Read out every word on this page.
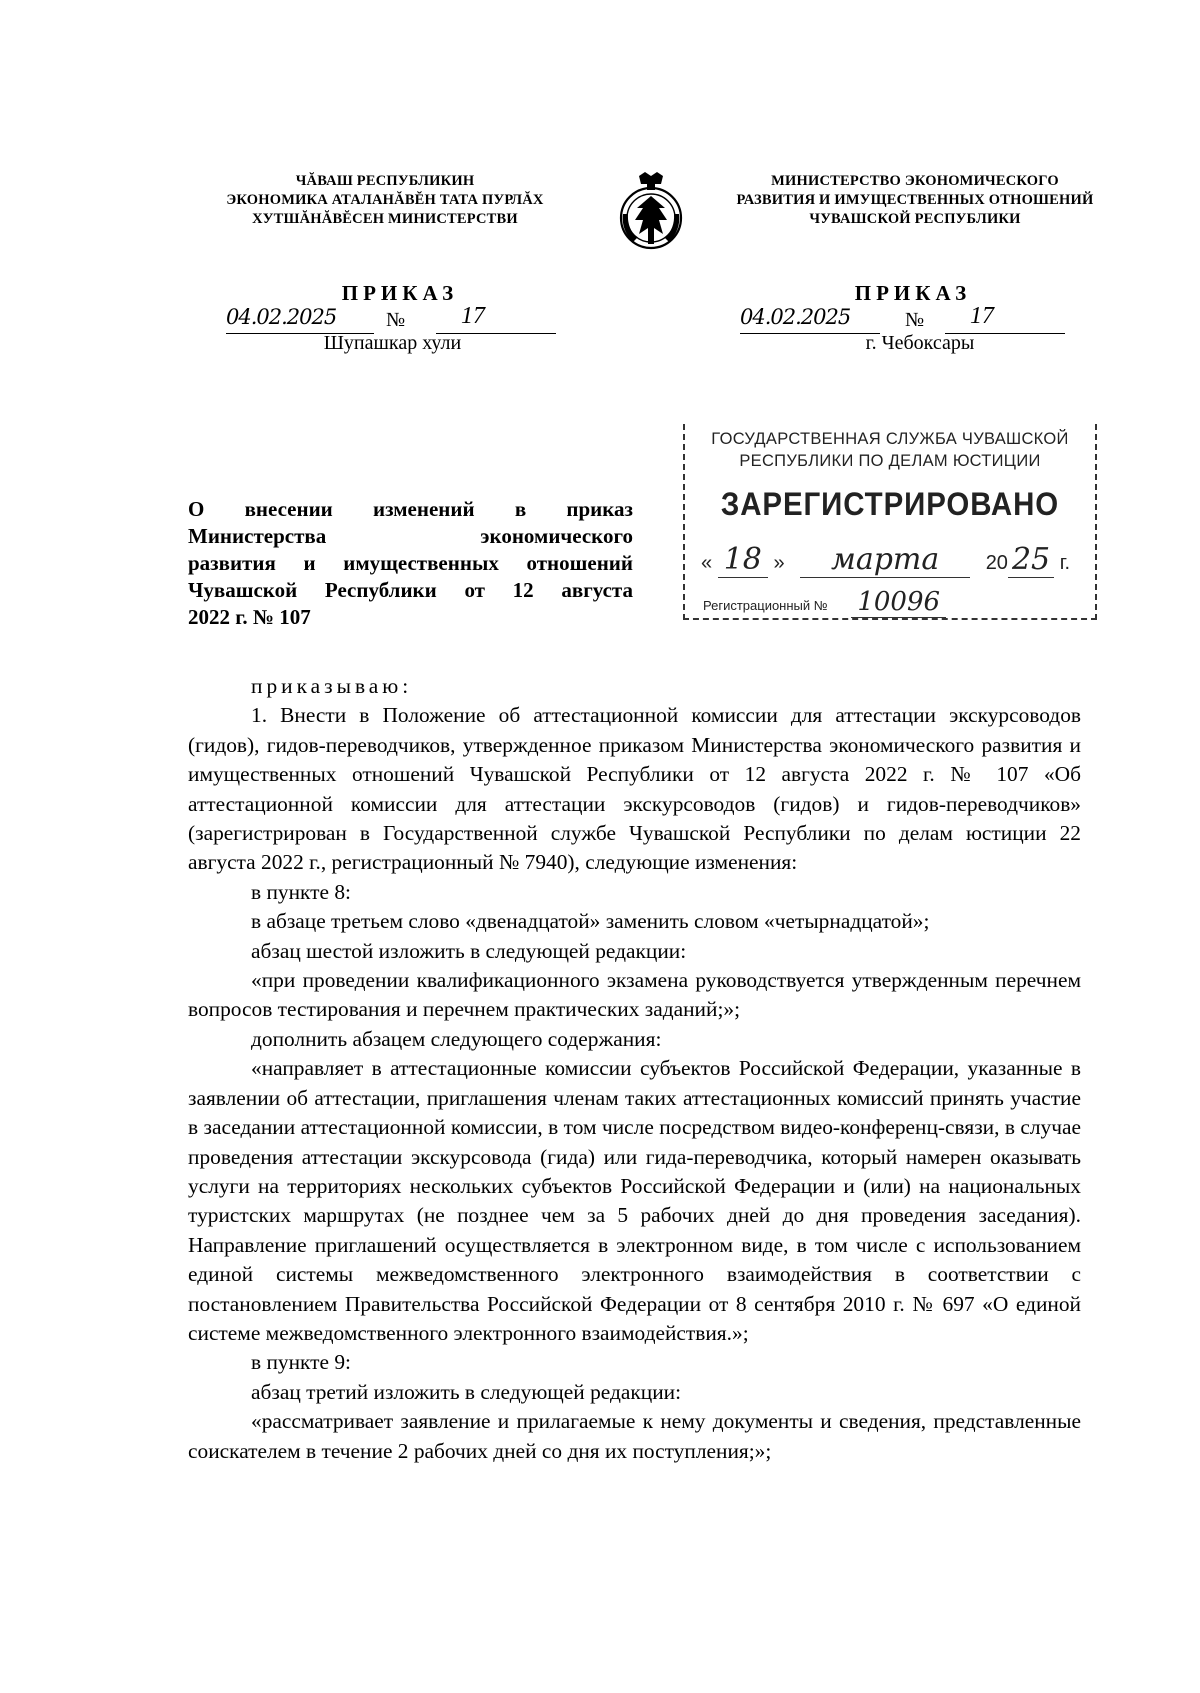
ЧĂВАШ РЕСПУБЛИКИН
ЭКОНОМИКА АТАЛАНĂВĔН ТАТА ПУРЛĂХ
ХУТШĂНĂВĔСЕН МИНИСТЕРСТВИ
МИНИСТЕРСТВО ЭКОНОМИЧЕСКОГО
РАЗВИТИЯ И ИМУЩЕСТВЕННЫХ ОТНОШЕНИЙ
ЧУВАШСКОЙ РЕСПУБЛИКИ
ПРИКАЗ
04.02.2025 № 17
Шупашкар хули
ПРИКАЗ
04.02.2025	№ 17
г. Чебоксары
ГОСУДАРСТВЕННАЯ СЛУЖБА ЧУВАШСКОЙ
РЕСПУБЛИКИ ПО ДЕЛАМ ЮСТИЦИИ
ЗАРЕГИСТРИРОВАНО
« 18 » марта 20 25 г.
Регистрационный № 10096
О внесении изменений в приказ
Министерства экономического
развития и имущественных отношений
Чувашской Республики от 12 августа
2022 г. № 107

приказываю:

1. Внести в Положение об аттестационной комиссии для аттестации экскурсоводов (гидов), гидов-переводчиков, утвержденное приказом Министерства экономического развития и имущественных отношений Чувашской Республики от 12 августа 2022 г. № 107 «Об аттестационной комиссии для аттестации экскурсоводов (гидов) и гидов-переводчиков» (зарегистрирован в Государственной службе Чувашской Республики по делам юстиции 22 августа 2022 г., регистрационный № 7940), следующие изменения:

в пункте 8:

в абзаце третьем слово «двенадцатой» заменить словом «четырнадцатой»;

абзац шестой изложить в следующей редакции:

«при проведении квалификационного экзамена руководствуется утвержденным перечнем вопросов тестирования и перечнем практических заданий;»;

дополнить абзацем следующего содержания:

«направляет в аттестационные комиссии субъектов Российской Федерации, указанные в заявлении об аттестации, приглашения членам таких аттестационных комиссий принять участие в заседании аттестационной комиссии, в том числе посредством видео-конференц-связи, в случае проведения аттестации экскурсовода (гида) или гида-переводчика, который намерен оказывать услуги на территориях нескольких субъектов Российской Федерации и (или) на национальных туристских маршрутах (не позднее чем за 5 рабочих дней до дня проведения заседания). Направление приглашений осуществляется в электронном виде, в том числе с использованием единой системы межведомственного электронного взаимодействия в соответствии с постановлением Правительства Российской Федерации от 8 сентября 2010 г. № 697 «О единой системе межведомственного электронного взаимодействия.»;

в пункте 9:

абзац третий изложить в следующей редакции:

«рассматривает заявление и прилагаемые к нему документы и сведения, представленные соискателем в течение 2 рабочих дней со дня их поступления;»;
